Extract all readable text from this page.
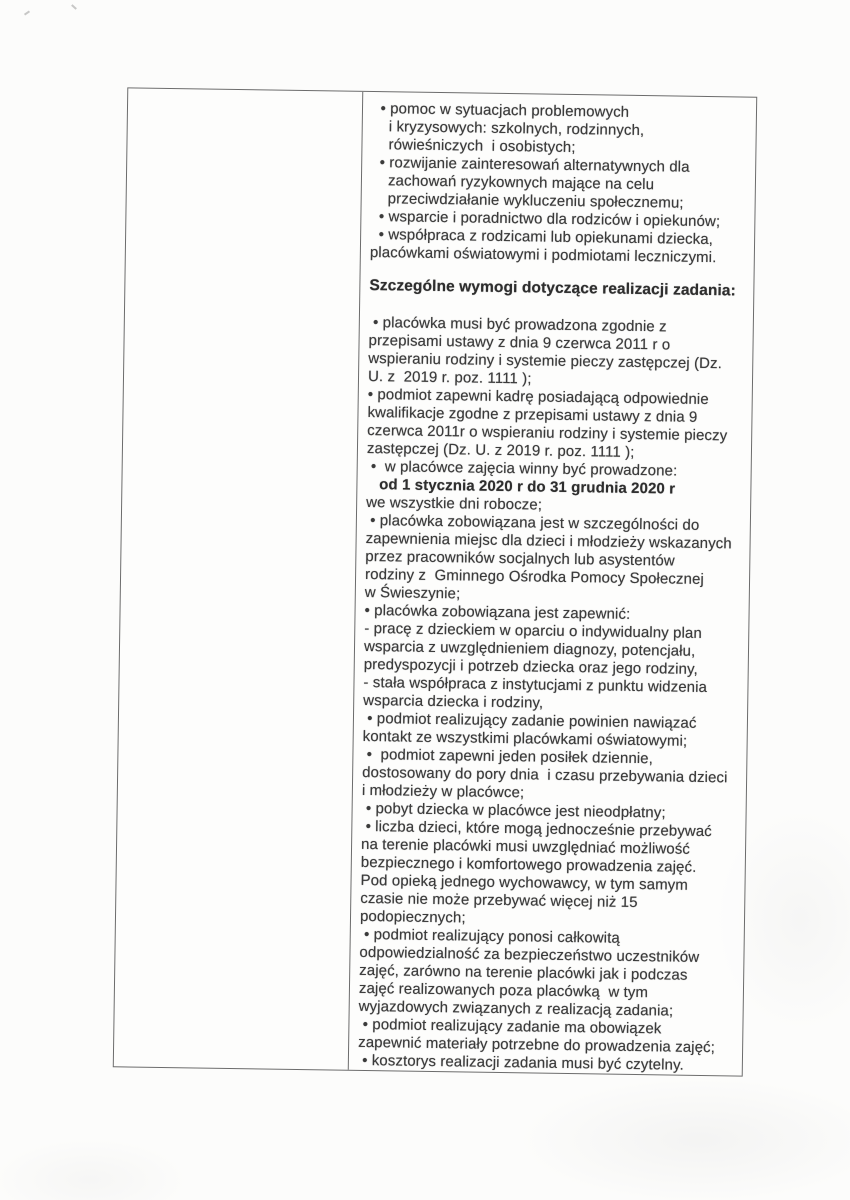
• pomoc w sytuacjach problemowych
i kryzysowych: szkolnych, rodzinnych,
rówieśniczych  i osobistych;
• rozwijanie zainteresowań alternatywnych dla
zachowań ryzykownych mające na celu
przeciwdziałanie wykluczeniu społecznemu;
• wsparcie i poradnictwo dla rodziców i opiekunów;
• współpraca z rodzicami lub opiekunami dziecka,
placówkami oświatowymi i podmiotami leczniczymi.
Szczególne wymogi dotyczące realizacji zadania:
• placówka musi być prowadzona zgodnie z
przepisami ustawy z dnia 9 czerwca 2011 r o
wspieraniu rodziny i systemie pieczy zastępczej (Dz.
U. z  2019 r. poz. 1111 );
• podmiot zapewni kadrę posiadającą odpowiednie
kwalifikacje zgodne z przepisami ustawy z dnia 9
czerwca 2011r o wspieraniu rodziny i systemie pieczy
zastępczej (Dz. U. z 2019 r. poz. 1111 );
•  w placówce zajęcia winny być prowadzone:
od 1 stycznia 2020 r do 31 grudnia 2020 r
we wszystkie dni robocze;
• placówka zobowiązana jest w szczególności do
zapewnienia miejsc dla dzieci i młodzieży wskazanych
przez pracowników socjalnych lub asystentów
rodziny z  Gminnego Ośrodka Pomocy Społecznej
w Świeszynie;
• placówka zobowiązana jest zapewnić:
- pracę z dzieckiem w oparciu o indywidualny plan
wsparcia z uwzględnieniem diagnozy, potencjału,
predyspozycji i potrzeb dziecka oraz jego rodziny,
- stała współpraca z instytucjami z punktu widzenia
wsparcia dziecka i rodziny,
• podmiot realizujący zadanie powinien nawiązać
kontakt ze wszystkimi placówkami oświatowymi;
•  podmiot zapewni jeden posiłek dziennie,
dostosowany do pory dnia  i czasu przebywania dzieci
i młodzieży w placówce;
• pobyt dziecka w placówce jest nieodpłatny;
• liczba dzieci, które mogą jednocześnie przebywać
na terenie placówki musi uwzględniać możliwość
bezpiecznego i komfortowego prowadzenia zajęć.
Pod opieką jednego wychowawcy, w tym samym
czasie nie może przebywać więcej niż 15
podopiecznych;
• podmiot realizujący ponosi całkowitą
odpowiedzialność za bezpieczeństwo uczestników
zajęć, zarówno na terenie placówki jak i podczas
zajęć realizowanych poza placówką  w tym
wyjazdowych związanych z realizacją zadania;
• podmiot realizujący zadanie ma obowiązek
zapewnić materiały potrzebne do prowadzenia zajęć;
• kosztorys realizacji zadania musi być czytelny.
